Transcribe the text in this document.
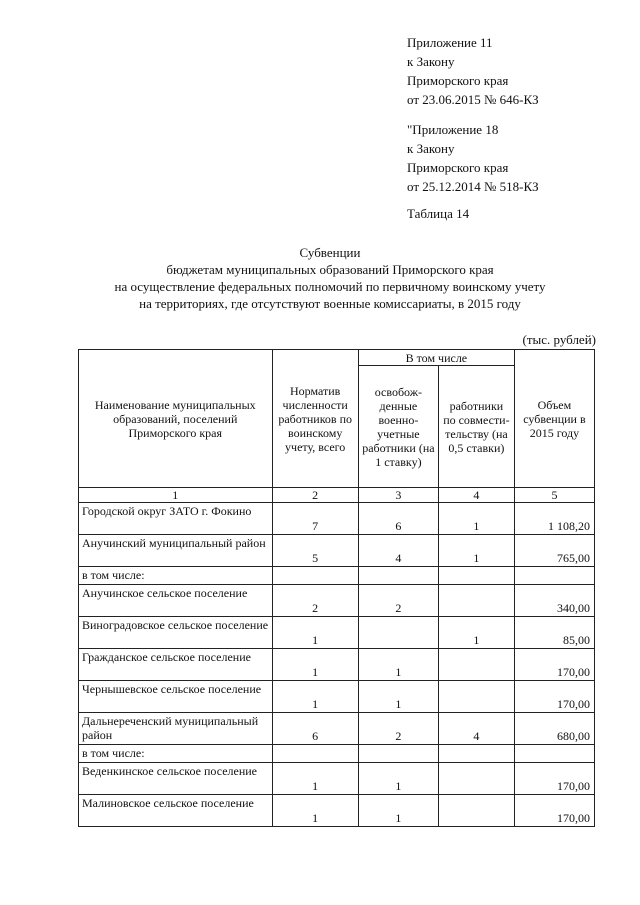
Приложение 11
к Закону
Приморского края
от 23.06.2015 № 646-КЗ
"Приложение 18
к Закону
Приморского края
от 25.12.2014 № 518-КЗ
Таблица 14
Субвенции
бюджетам муниципальных образований Приморского края
на осуществление федеральных полномочий по первичному воинскому учету
на территориях, где отсутствуют военные комиссариаты, в 2015 году
(тыс. рублей)
Наименование муниципальных образований, поселений Приморского края	Норматив численности работников по воинскому учету, всего	В том числе		Объем субвенции в 2015 году
		освобож-денные военно-учетные работники (на 1 ставку)	работники по совмести-тельству (на 0,5 ставки)	
1	2	3	4	5
Городской округ ЗАТО г. Фокино	7	6	1	1 108,20
Анучинский муниципальный район	5	4	1	765,00
в том числе:				
Анучинское сельское поселение	2	2		340,00
Виноградовское сельское поселение	1		1	85,00
Гражданское сельское поселение	1	1		170,00
Чернышевское сельское поселение	1	1		170,00
Дальнереченский муниципальный район	6	2	4	680,00
в том числе:				
Веденкинское сельское поселение	1	1		170,00
Малиновское сельское поселение	1	1		170,00
